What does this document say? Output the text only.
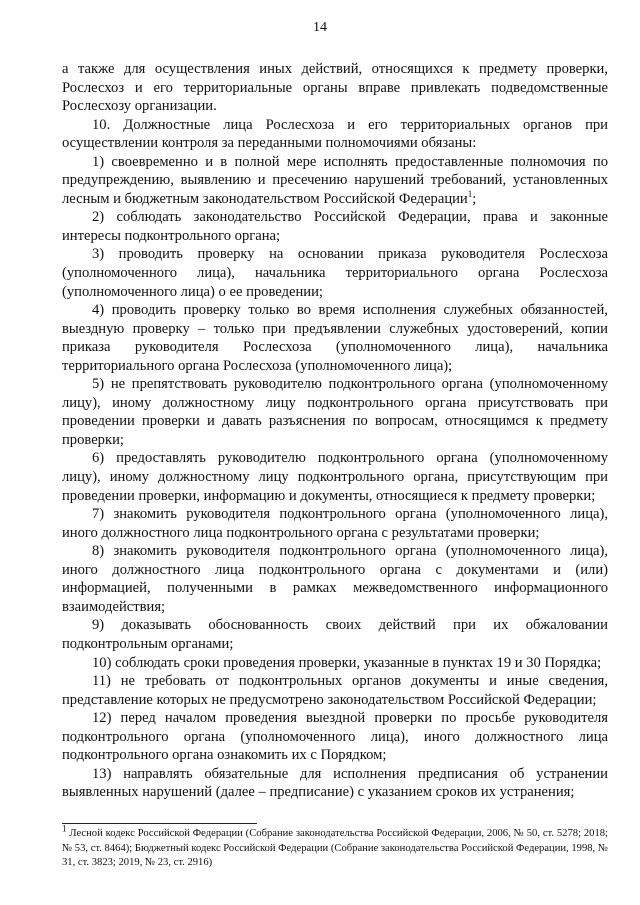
14

а также для осуществления иных действий, относящихся к предмету проверки, Рослесхоз и его территориальные органы вправе привлекать подведомственные Рослесхозу организации.

10. Должностные лица Рослесхоза и его территориальных органов при осуществлении контроля за переданными полномочиями обязаны:

1) своевременно и в полной мере исполнять предоставленные полномочия по предупреждению, выявлению и пресечению нарушений требований, установленных лесным и бюджетным законодательством Российской Федерации$^1$;

2) соблюдать законодательство Российской Федерации, права и законные интересы подконтрольного органа;

3) проводить проверку на основании приказа руководителя Рослесхоза (уполномоченного лица), начальника территориального органа Рослесхоза (уполномоченного лица) о ее проведении;

4) проводить проверку только во время исполнения служебных обязанностей, выездную проверку – только при предъявлении служебных удостоверений, копии приказа руководителя Рослесхоза (уполномоченного лица), начальника территориального органа Рослесхоза (уполномоченного лица);

5) не препятствовать руководителю подконтрольного органа (уполномоченному лицу), иному должностному лицу подконтрольного органа присутствовать при проведении проверки и давать разъяснения по вопросам, относящимся к предмету проверки;

6) предоставлять руководителю подконтрольного органа (уполномоченному лицу), иному должностному лицу подконтрольного органа, присутствующим при проведении проверки, информацию и документы, относящиеся к предмету проверки;

7) знакомить руководителя подконтрольного органа (уполномоченного лица), иного должностного лица подконтрольного органа с результатами проверки;

8) знакомить руководителя подконтрольного органа (уполномоченного лица), иного должностного лица подконтрольного органа с документами и (или) информацией, полученными в рамках межведомственного информационного взаимодействия;

9) доказывать обоснованность своих действий при их обжаловании подконтрольным органами;

10) соблюдать сроки проведения проверки, указанные в пунктах 19 и 30 Порядка;

11) не требовать от подконтрольных органов документы и иные сведения, представление которых не предусмотрено законодательством Российской Федерации;

12) перед началом проведения выездной проверки по просьбе руководителя подконтрольного органа (уполномоченного лица), иного должностного лица подконтрольного органа ознакомить их с Порядком;

13) направлять обязательные для исполнения предписания об устранении выявленных нарушений (далее – предписание) с указанием сроков их устранения;

$^1$ Лесной кодекс Российской Федерации (Собрание законодательства Российской Федерации, 2006, № 50, ст. 5278; 2018; № 53, ст. 8464); Бюджетный кодекс Российской Федерации (Собрание законодательства Российской Федерации, 1998, № 31, ст. 3823; 2019, № 23, ст. 2916)
